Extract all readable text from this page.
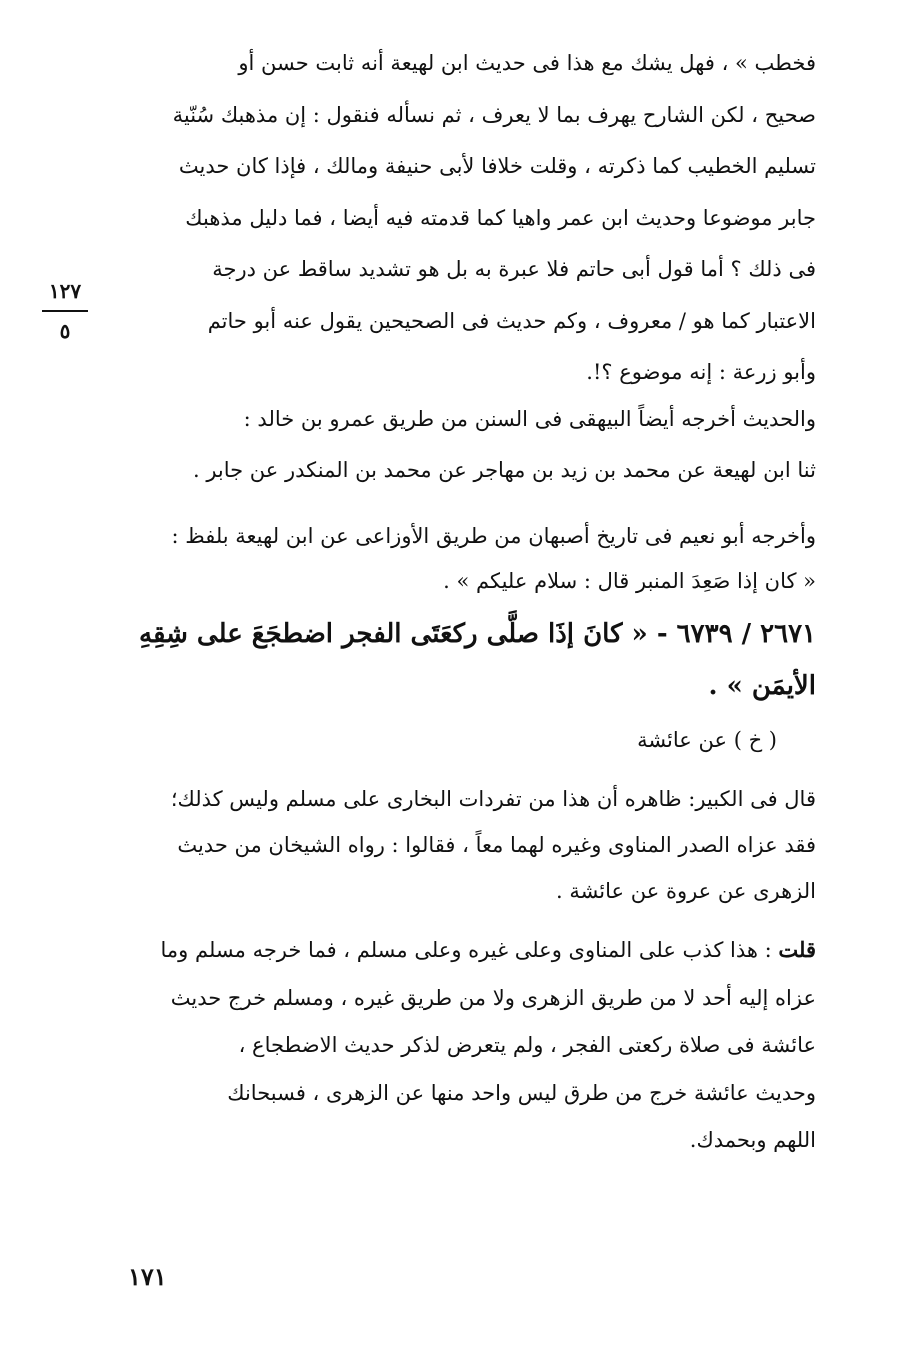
فخطب » ، فهل يشك مع هذا فى حديث ابن لهيعة أنه ثابت حسن أو
صحيح ، لكن الشارح يهرف بما لا يعرف ، ثم نسأله فنقول : إن مذهبك سُنّية
تسليم الخطيب كما ذكرته ، وقلت خلافا لأبى حنيفة ومالك ، فإذا كان حديث
جابر موضوعا وحديث ابن عمر واهيا كما قدمته فيه أيضا ، فما دليل مذهبك
فى ذلك ؟ أما قول أبى حاتم فلا عبرة به بل هو تشديد ساقط عن درجة
الاعتبار كما هو / معروف ، وكم حديث فى الصحيحين يقول عنه أبو حاتم
وأبو زرعة : إنه موضوع ؟!.
١٢٧
٥
والحديث أخرجه أيضاً البيهقى فى السنن من طريق عمرو بن خالد :
ثنا ابن لهيعة عن محمد بن زيد بن مهاجر عن محمد بن المنكدر عن جابر .
وأخرجه أبو نعيم فى تاريخ أصبهان من طريق الأوزاعى عن ابن لهيعة بلفظ :
« كان إذا صَعِدَ المنبر قال : سلام عليكم » .
٢٦٧١ / ٦٧٣٩ - « كانَ إذَا صلَّى ركعَتَى الفجر اضطجَعَ على شِقِهِ
الأيمَن » .
( خ ) عن عائشة
قال فى الكبير: ظاهره أن هذا من تفردات البخارى على مسلم وليس كذلك؛
فقد عزاه الصدر المناوى وغيره لهما معاً ، فقالوا : رواه الشيخان من حديث
الزهرى عن عروة عن عائشة .
قلت : هذا كذب على المناوى وعلى غيره وعلى مسلم ، فما خرجه مسلم وما
عزاه إليه أحد لا من طريق الزهرى ولا من طريق غيره ، ومسلم خرج حديث
عائشة فى صلاة ركعتى الفجر ، ولم يتعرض لذكر حديث الاضطجاع ،
وحديث عائشة خرج من طرق ليس واحد منها عن الزهرى ، فسبحانك
اللهم وبحمدك.
١٧١
